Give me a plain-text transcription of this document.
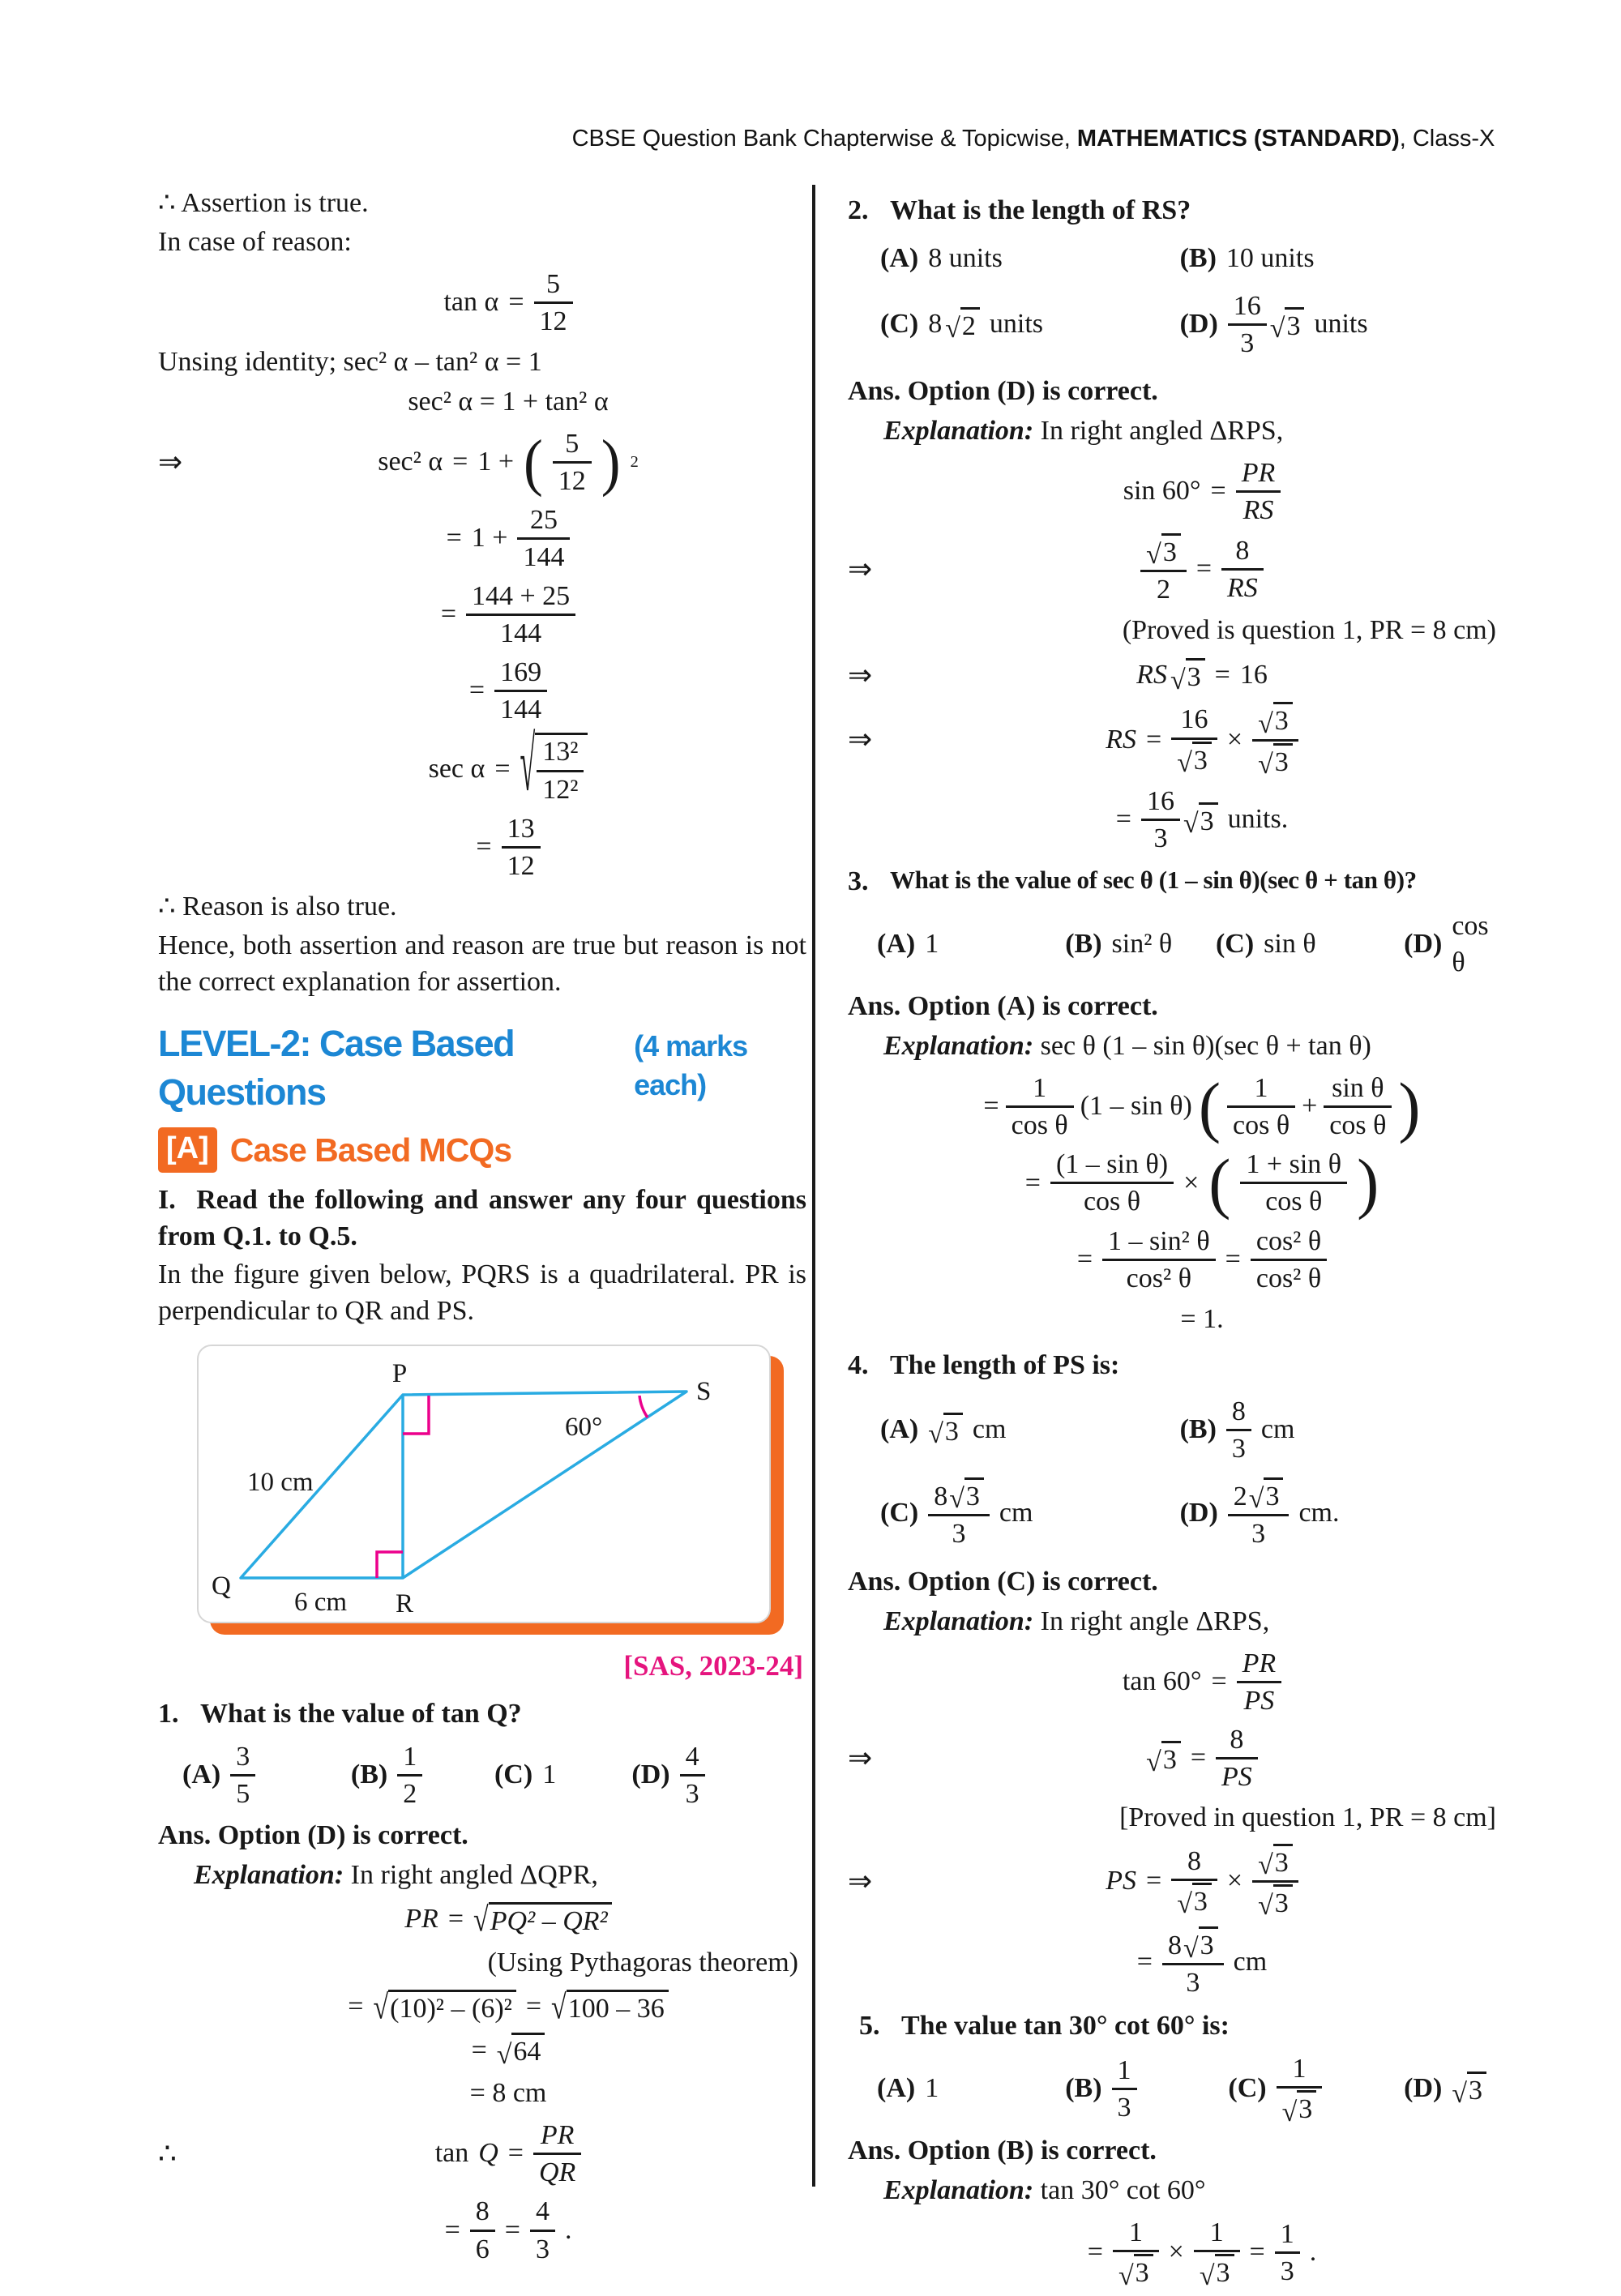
CBSE Question Bank Chapterwise & Topicwise, MATHEMATICS (STANDARD), Class-X
∴ Assertion is true.
In case of reason:
$\tan \alpha = \frac{5}{12}$
Unsing identity; sec² α – tan² α = 1
sec² α = 1 + tan² α
⇒	sec² α = 1 + ( $\frac{5}{12}$ ) 2
= $1 + \frac{25}{144}$
= $\frac{144 + 25}{144}$
= $\frac{169}{144}$
sec α = √ $\frac{\text{13²}}{\text{12²}}$
= $\frac{13}{12}$
∴ Reason is also true.
Hence, both assertion and reason are true but reason is not the correct explanation for assertion.
LEVEL-2: Case Based Questions
(4 marks each)
[A] Case Based MCQs
I. Read the following and answer any four questions from Q.1. to Q.5.
In the figure given below, PQRS is a quadrilateral. PR is perpendicular to QR and PS.
P
S
Q
R
10 cm
6 cm
60°
[SAS, 2023-24]
1. What is the value of tan Q?
$(A) \frac{3}{5}$	$(B) \frac{1}{2}$	(C) 1	$(D) \frac{4}{3}$
Ans. Option (D) is correct.
Explanation: In right angled ΔQPR,
PR = √ PQ² – QR²
(Using Pythagoras theorem)
= √ (10)² – (6)² = √ 100 – 36
= √ 64
= 8 cm
∴	$\tan Q = \frac{PR}{QR}$
= $\frac{8}{6} = \frac{4}{3}$ .
2. What is the length of RS?
(A) 8 units	(B) 10 units
(C) 8 √ 2 units	$(D) \frac{16}{3}$ √ 3 units
Ans. Option (D) is correct.
Explanation: In right angled ΔRPS,
$\sin 60^\circ = \frac{PR}{RS}$
⇒	$\frac{√ 3}{2} = \frac{8}{RS}$
(Proved is question 1, PR = 8 cm)
⇒	RS √ 3 = 16
⇒	RS = $\frac{16}{√ 3} \times \frac{√ 3}{√ 3}$
= $\frac{16}{3}$ √ 3 units.
3. What is the value of sec θ (1 – sin θ)(sec θ + tan θ)?
(A) 1	(B) sin² θ (C) sin θ	(D)
cos θ
Ans. Option (A) is correct.
Explanation: sec θ (1 – sin θ)(sec θ + tan θ)
= $\frac{1}{\text{cos θ}} (1$ – sin θ) ( $\frac{1}{\text{cos θ}} + \frac{\text{sin θ}}{\text{cos θ}}$ )
= $\frac{\text{(1 – sin θ)}}{\text{cos θ}}$ × ( $\frac{\text{1 + sin θ}}{\text{cos θ}}$ )
= $\frac{\text{1 – sin² θ}}{\text{cos² θ}} = \frac{\text{cos² θ}}{\text{cos² θ}}$
= 1.
4. The length of PS is:
(A) √ 3 cm	$(B) \frac{8}{3}$ cm
$(C) \frac{8 √ 3}{3}$ cm	$(D) \frac{2 √ 3}{3}$ cm.
Ans. Option (C) is correct.
Explanation: In right angle ΔRPS,
$\tan 60^\circ = \frac{PR}{PS}$
⇒	√ $3 = \frac{8}{PS}$
[Proved in question 1, PR = 8 cm]
⇒	PS = $\frac{8}{√ 3} \times \frac{√ 3}{√ 3}$
= $\frac{8 √ 3}{3}$ cm
5. The value tan 30° cot 60° is:
(A) 1	$(B) \frac{1}{3}$	$(C) \frac{1}{√ 3}$	(D) √ 3
Ans. Option (B) is correct.
Explanation: tan 30° cot 60°
= $\frac{1}{√ 3} \times \frac{1}{√ 3} = \frac{1}{3}$ .
